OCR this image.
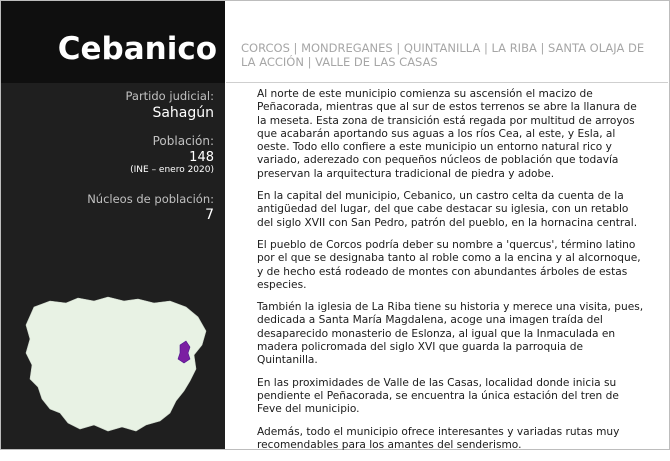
Cebanico CORCOS | MONDREGANES | QUINTANILLA | LA RIBA | SANTA OLAJA DE LA ACCIÓN | VALLE DE LAS CASAS
Partido judicial:
Sahagún
Población:
148
(INE – enero 2020)
Núcleos de población:
7

Al norte de este municipio comienza su ascensión el macizo de Peñacorada, mientras que al sur de estos terrenos se abre la llanura de la meseta. Esta zona de transición está regada por multitud de arroyos que acabarán aportando sus aguas a los ríos Cea, al este, y Esla, al oeste. Todo ello confiere a este municipio un entorno natural rico y variado, aderezado con pequeños núcleos de población que todavía preservan la arquitectura tradicional de piedra y adobe.

En la capital del municipio, Cebanico, un castro celta da cuenta de la antigüedad del lugar, del que cabe destacar su iglesia, con un retablo del siglo XVII con San Pedro, patrón del pueblo, en la hornacina central.

El pueblo de Corcos podría deber su nombre a 'quercus', término latino por el que se designaba tanto al roble como a la encina y al alcornoque, y de hecho está rodeado de montes con abundantes árboles de estas especies.

También la iglesia de La Riba tiene su historia y merece una visita, pues, dedicada a Santa María Magdalena, acoge una imagen traída del desaparecido monasterio de Eslonza, al igual que la Inmaculada en madera policromada del siglo XVI que guarda la parroquia de Quintanilla.

En las proximidades de Valle de las Casas, localidad donde inicia su pendiente el Peñacorada, se encuentra la única estación del tren de Feve del municipio.

Además, todo el municipio ofrece interesantes y variadas rutas muy recomendables para los amantes del senderismo.
